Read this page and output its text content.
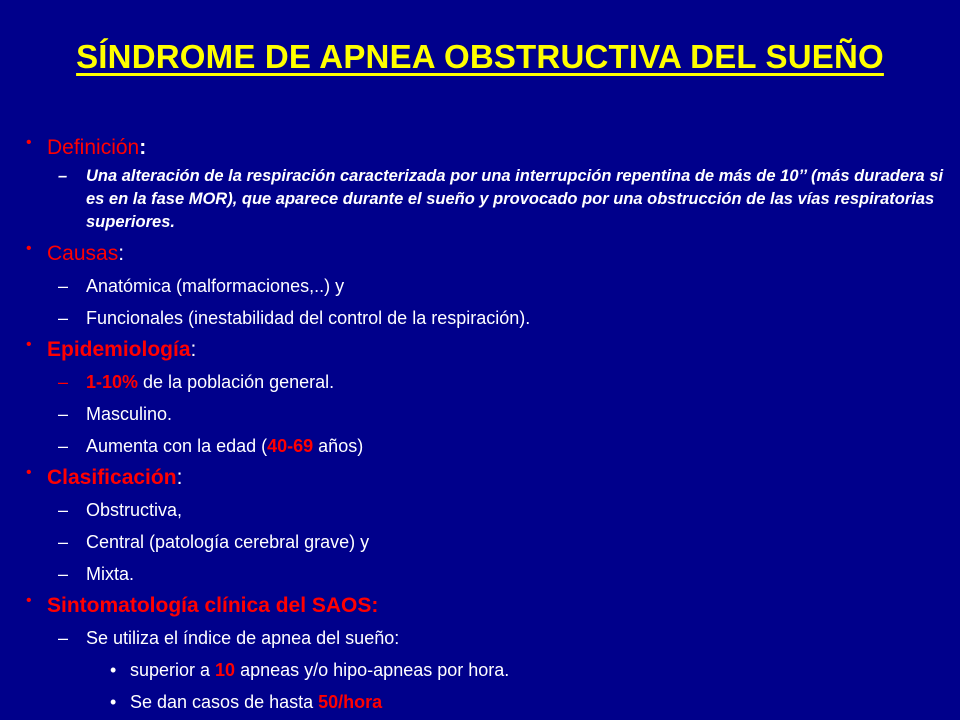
SÍNDROME DE APNEA OBSTRUCTIVA DEL SUEÑO

• Definición:

– Una alteración de la respiración caracterizada por una interrupción repentina de más de 10’’ (más duradera si es en la fase MOR), que aparece durante el sueño y provocado por una obstrucción de las vías respiratorias superiores.

• Causas:

– Anatómica (malformaciones,..) y

– Funcionales (inestabilidad del control de la respiración).

• Epidemiología:

– 1-10% de la población general.

– Masculino.

– Aumenta con la edad (40-69 años)

• Clasificación:

– Obstructiva,

– Central (patología cerebral grave) y

– Mixta.

• Sintomatología clínica del SAOS:

– Se utiliza el índice de apnea del sueño:

• superior a 10 apneas y/o hipo-apneas por hora.

• Se dan casos de hasta 50/hora
